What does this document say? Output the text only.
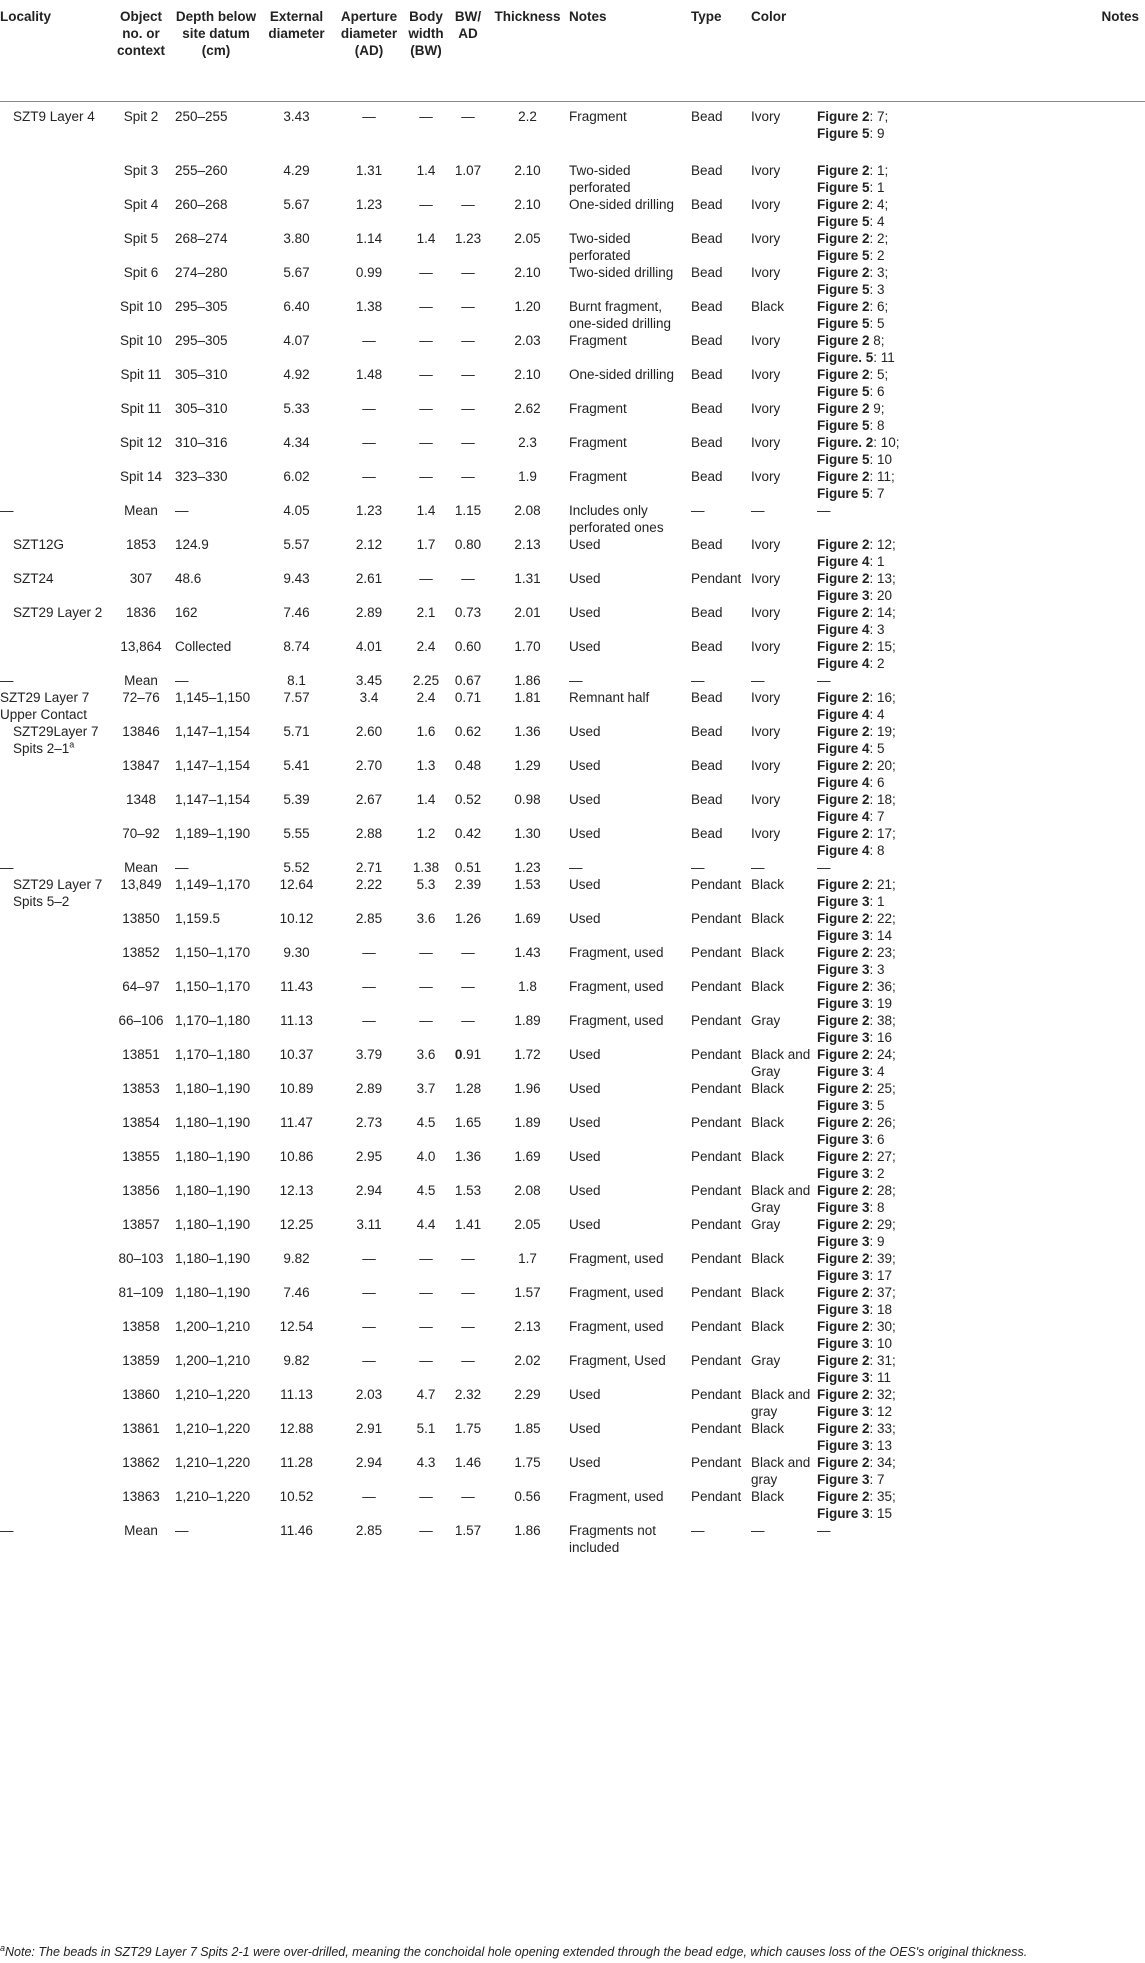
Locality	Object no. or context	Depth below site datum (cm)	External diameter	Aperture diameter (AD)	Body width (BW)	BW/ AD	Thickness	Notes	Type	Color	Notes
SZT9 Layer 4	Spit 2	250–255	3.43	—	—	—	2.2	Fragment	Bead	Ivory	Figure 2: 7;
Figure 5: 9
	Spit 3	255–260	4.29	1.31	1.4	1.07	2.10	Two-sided perforated	Bead	Ivory	Figure 2: 1;
Figure 5: 1
	Spit 4	260–268	5.67	1.23	—	—	2.10	One-sided drilling	Bead	Ivory	Figure 2: 4;
Figure 5: 4
	Spit 5	268–274	3.80	1.14	1.4	1.23	2.05	Two-sided perforated	Bead	Ivory	Figure 2: 2;
Figure 5: 2
	Spit 6	274–280	5.67	0.99	—	—	2.10	Two-sided drilling	Bead	Ivory	Figure 2: 3;
Figure 5: 3
	Spit 10	295–305	6.40	1.38	—	—	1.20	Burnt fragment, one-sided drilling	Bead	Black	Figure 2: 6;
Figure 5: 5
	Spit 10	295–305	4.07	—	—	—	2.03	Fragment	Bead	Ivory	Figure 2 8;
Figure. 5: 11
	Spit 11	305–310	4.92	1.48	—	—	2.10	One-sided drilling	Bead	Ivory	Figure 2: 5;
Figure 5: 6
	Spit 11	305–310	5.33	—	—	—	2.62	Fragment	Bead	Ivory	Figure 2 9;
Figure 5: 8
	Spit 12	310–316	4.34	—	—	—	2.3	Fragment	Bead	Ivory	Figure. 2: 10;
Figure 5: 10
	Spit 14	323–330	6.02	—	—	—	1.9	Fragment	Bead	Ivory	Figure 2: 11;
Figure 5: 7
—	Mean	—	4.05	1.23	1.4	1.15	2.08	Includes only perforated ones	—	—	—
SZT12G	1853	124.9	5.57	2.12	1.7	0.80	2.13	Used	Bead	Ivory	Figure 2: 12;
Figure 4: 1
SZT24	307	48.6	9.43	2.61	—	—	1.31	Used	Pendant	Ivory	Figure 2: 13;
Figure 3: 20
SZT29 Layer 2	1836	162	7.46	2.89	2.1	0.73	2.01	Used	Bead	Ivory	Figure 2: 14;
Figure 4: 3
	13,864	Collected	8.74	4.01	2.4	0.60	1.70	Used	Bead	Ivory	Figure 2: 15;
Figure 4: 2
—	Mean	—	8.1	3.45	2.25	0.67	1.86	—	—	—	—
SZT29 Layer 7 Upper Contact	72–76	1,145–1,150	7.57	3.4	2.4	0.71	1.81	Remnant half	Bead	Ivory	Figure 2: 16;
Figure 4: 4
SZT29Layer 7 Spits 2–1$^a$	13846	1,147–1,154	5.71	2.60	1.6	0.62	1.36	Used	Bead	Ivory	Figure 2: 19;
Figure 4: 5
	13847	1,147–1,154	5.41	2.70	1.3	0.48	1.29	Used	Bead	Ivory	Figure 2: 20;
Figure 4: 6
	1348	1,147–1,154	5.39	2.67	1.4	0.52	0.98	Used	Bead	Ivory	Figure 2: 18;
Figure 4: 7
	70–92	1,189–1,190	5.55	2.88	1.2	0.42	1.30	Used	Bead	Ivory	Figure 2: 17;
Figure 4: 8
—	Mean	—	5.52	2.71	1.38	0.51	1.23	—	—	—	—
SZT29 Layer 7 Spits 5–2	13,849	1,149–1,170	12.64	2.22	5.3	2.39	1.53	Used	Pendant	Black	Figure 2: 21;
Figure 3: 1
	13850	1,159.5	10.12	2.85	3.6	1.26	1.69	Used	Pendant	Black	Figure 2: 22;
Figure 3: 14
	13852	1,150–1,170	9.30	—	—	—	1.43	Fragment, used	Pendant	Black	Figure 2: 23;
Figure 3: 3
	64–97	1,150–1,170	11.43	—	—	—	1.8	Fragment, used	Pendant	Black	Figure 2: 36;
Figure 3: 19
	66–106	1,170–1,180	11.13	—	—	—	1.89	Fragment, used	Pendant	Gray	Figure 2: 38;
Figure 3: 16
	13851	1,170–1,180	10.37	3.79	3.6	0.91	1.72	Used	Pendant	Black and Gray	Figure 2: 24;
Figure 3: 4
	13853	1,180–1,190	10.89	2.89	3.7	1.28	1.96	Used	Pendant	Black	Figure 2: 25;
Figure 3: 5
	13854	1,180–1,190	11.47	2.73	4.5	1.65	1.89	Used	Pendant	Black	Figure 2: 26;
Figure 3: 6
	13855	1,180–1,190	10.86	2.95	4.0	1.36	1.69	Used	Pendant	Black	Figure 2: 27;
Figure 3: 2
	13856	1,180–1,190	12.13	2.94	4.5	1.53	2.08	Used	Pendant	Black and Gray	Figure 2: 28;
Figure 3: 8
	13857	1,180–1,190	12.25	3.11	4.4	1.41	2.05	Used	Pendant	Gray	Figure 2: 29;
Figure 3: 9
	80–103	1,180–1,190	9.82	—	—	—	1.7	Fragment, used	Pendant	Black	Figure 2: 39;
Figure 3: 17
	81–109	1,180–1,190	7.46	—	—	—	1.57	Fragment, used	Pendant	Black	Figure 2: 37;
Figure 3: 18
	13858	1,200–1,210	12.54	—	—	—	2.13	Fragment, used	Pendant	Black	Figure 2: 30;
Figure 3: 10
	13859	1,200–1,210	9.82	—	—	—	2.02	Fragment, Used	Pendant	Gray	Figure 2: 31;
Figure 3: 11
	13860	1,210–1,220	11.13	2.03	4.7	2.32	2.29	Used	Pendant	Black and gray	Figure 2: 32;
Figure 3: 12
	13861	1,210–1,220	12.88	2.91	5.1	1.75	1.85	Used	Pendant	Black	Figure 2: 33;
Figure 3: 13
	13862	1,210–1,220	11.28	2.94	4.3	1.46	1.75	Used	Pendant	Black and gray	Figure 2: 34;
Figure 3: 7
	13863	1,210–1,220	10.52	—	—	—	0.56	Fragment, used	Pendant	Black	Figure 2: 35;
Figure 3: 15
—	Mean	—	11.46	2.85	—	1.57	1.86	Fragments not included	—	—	—
$^a$Note: The beads in SZT29 Layer 7 Spits 2-1 were over-drilled, meaning the conchoidal hole opening extended through the bead edge, which causes loss of the OES's original thickness.
